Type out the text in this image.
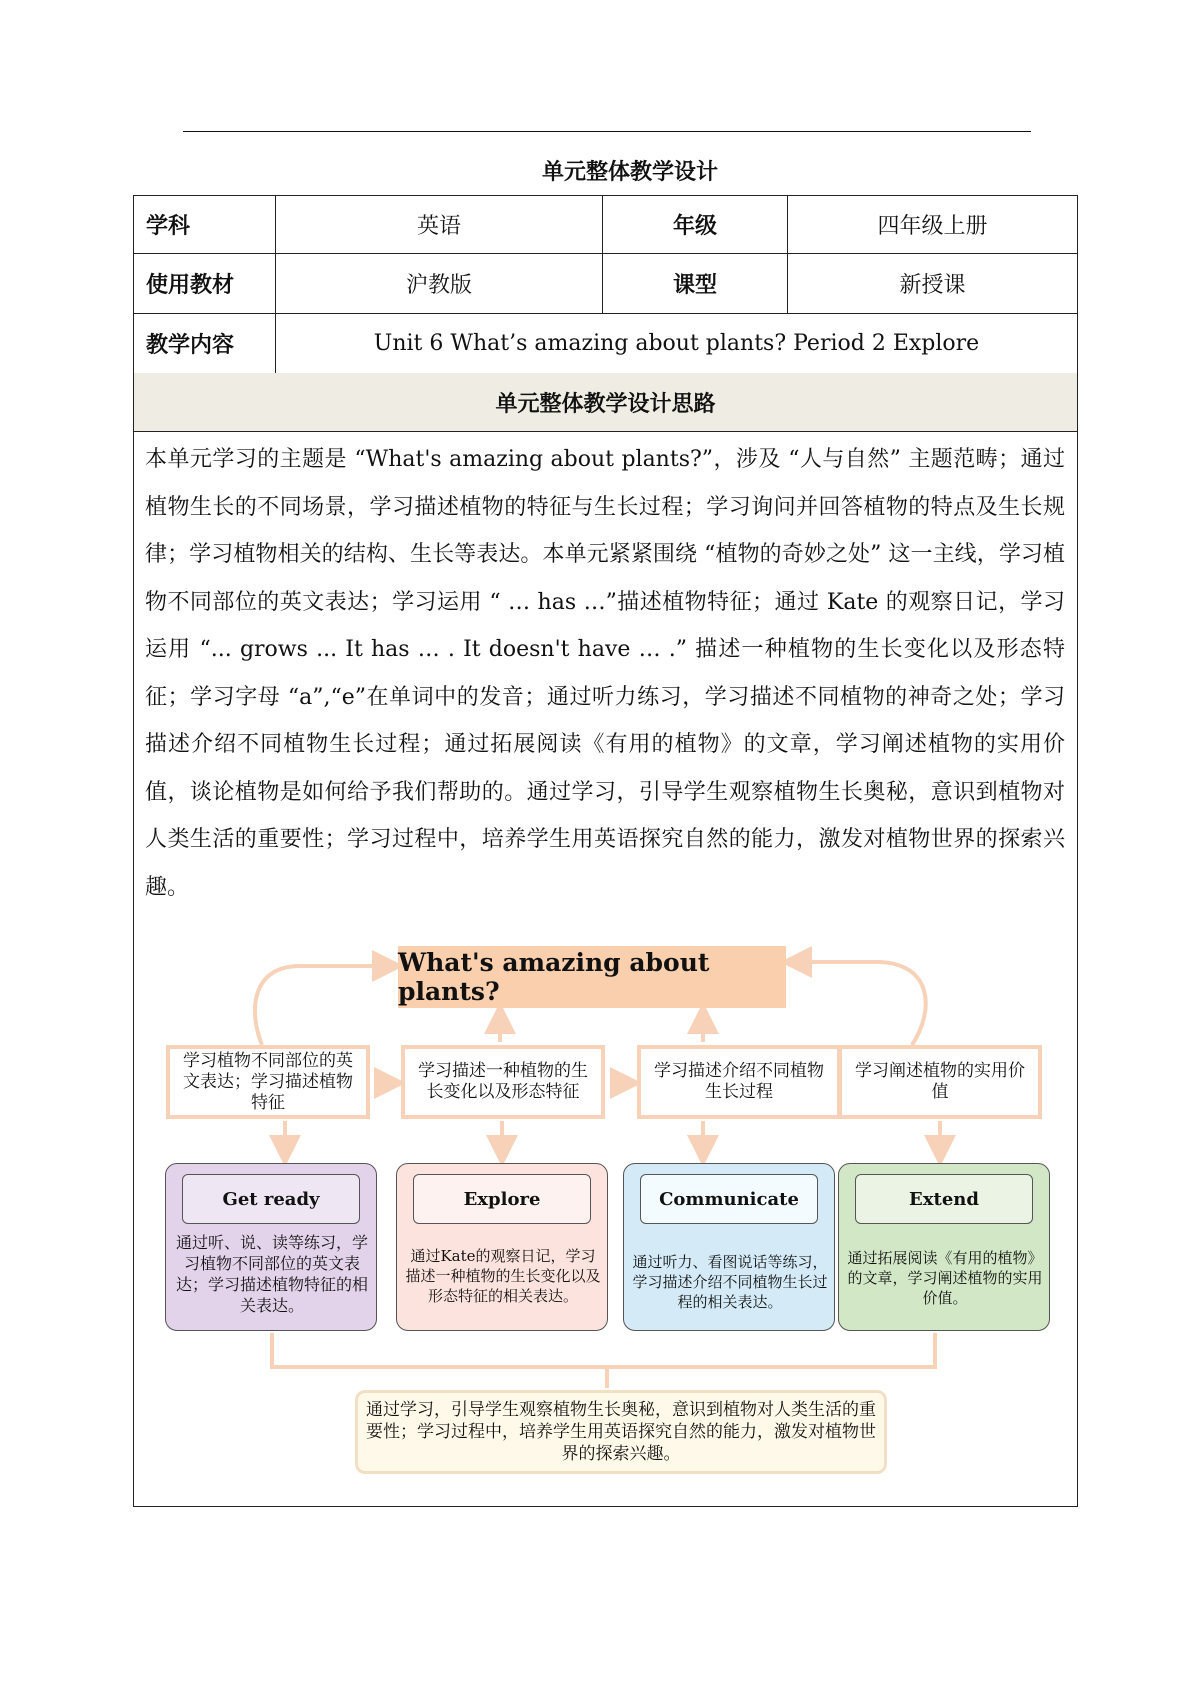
单元整体教学设计
学科	英语	年级	四年级上册
使用教材	沪教版	课型	新授课
教学内容	Unit 6 What’s amazing about plants? Period 2 Explore
单元整体教学设计思路

本单元学习的主题是 “What's amazing about plants?”，涉及 “人与自然” 主题范畴；通过植物生长的不同场景，学习描述植物的特征与生长过程；学习询问并回答植物的特点及生长规律；学习植物相关的结构、生长等表达。本单元紧紧围绕 “植物的奇妙之处” 这一主线，学习植物不同部位的英文表达；学习运用 “ … has …”描述植物特征；通过 Kate 的观察日记，学习运用 “... grows ... It has … . It doesn't have … .” 描述一种植物的生长变化以及形态特征；学习字母 “a”,“e”在单词中的发音；通过听力练习，学习描述不同植物的神奇之处；学习描述介绍不同植物生长过程；通过拓展阅读《有用的植物》的文章，学习阐述植物的实用价值，谈论植物是如何给予我们帮助的。通过学习，引导学生观察植物生长奥秘，意识到植物对人类生活的重要性；学习过程中，培养学生用英语探究自然的能力，激发对植物世界的探索兴趣。

What's amazing about plants?
学习植物不同部位的英文表达；学习描述植物特征
学习描述一种植物的生长变化以及形态特征
学习描述介绍不同植物生长过程
学习阐述植物的实用价值
Get ready
通过听、说、读等练习，学习植物不同部位的英文表达；学习描述植物特征的相关表达。
Explore
通过Kate的观察日记，学习描述一种植物的生长变化以及形态特征的相关表达。
Communicate
通过听力、看图说话等练习，学习描述介绍不同植物生长过程的相关表达。
Extend
通过拓展阅读《有用的植物》的文章，学习阐述植物的实用价值。
通过学习，引导学生观察植物生长奥秘，意识到植物对人类生活的重要性；学习过程中，培养学生用英语探究自然的能力，激发对植物世界的探索兴趣。
